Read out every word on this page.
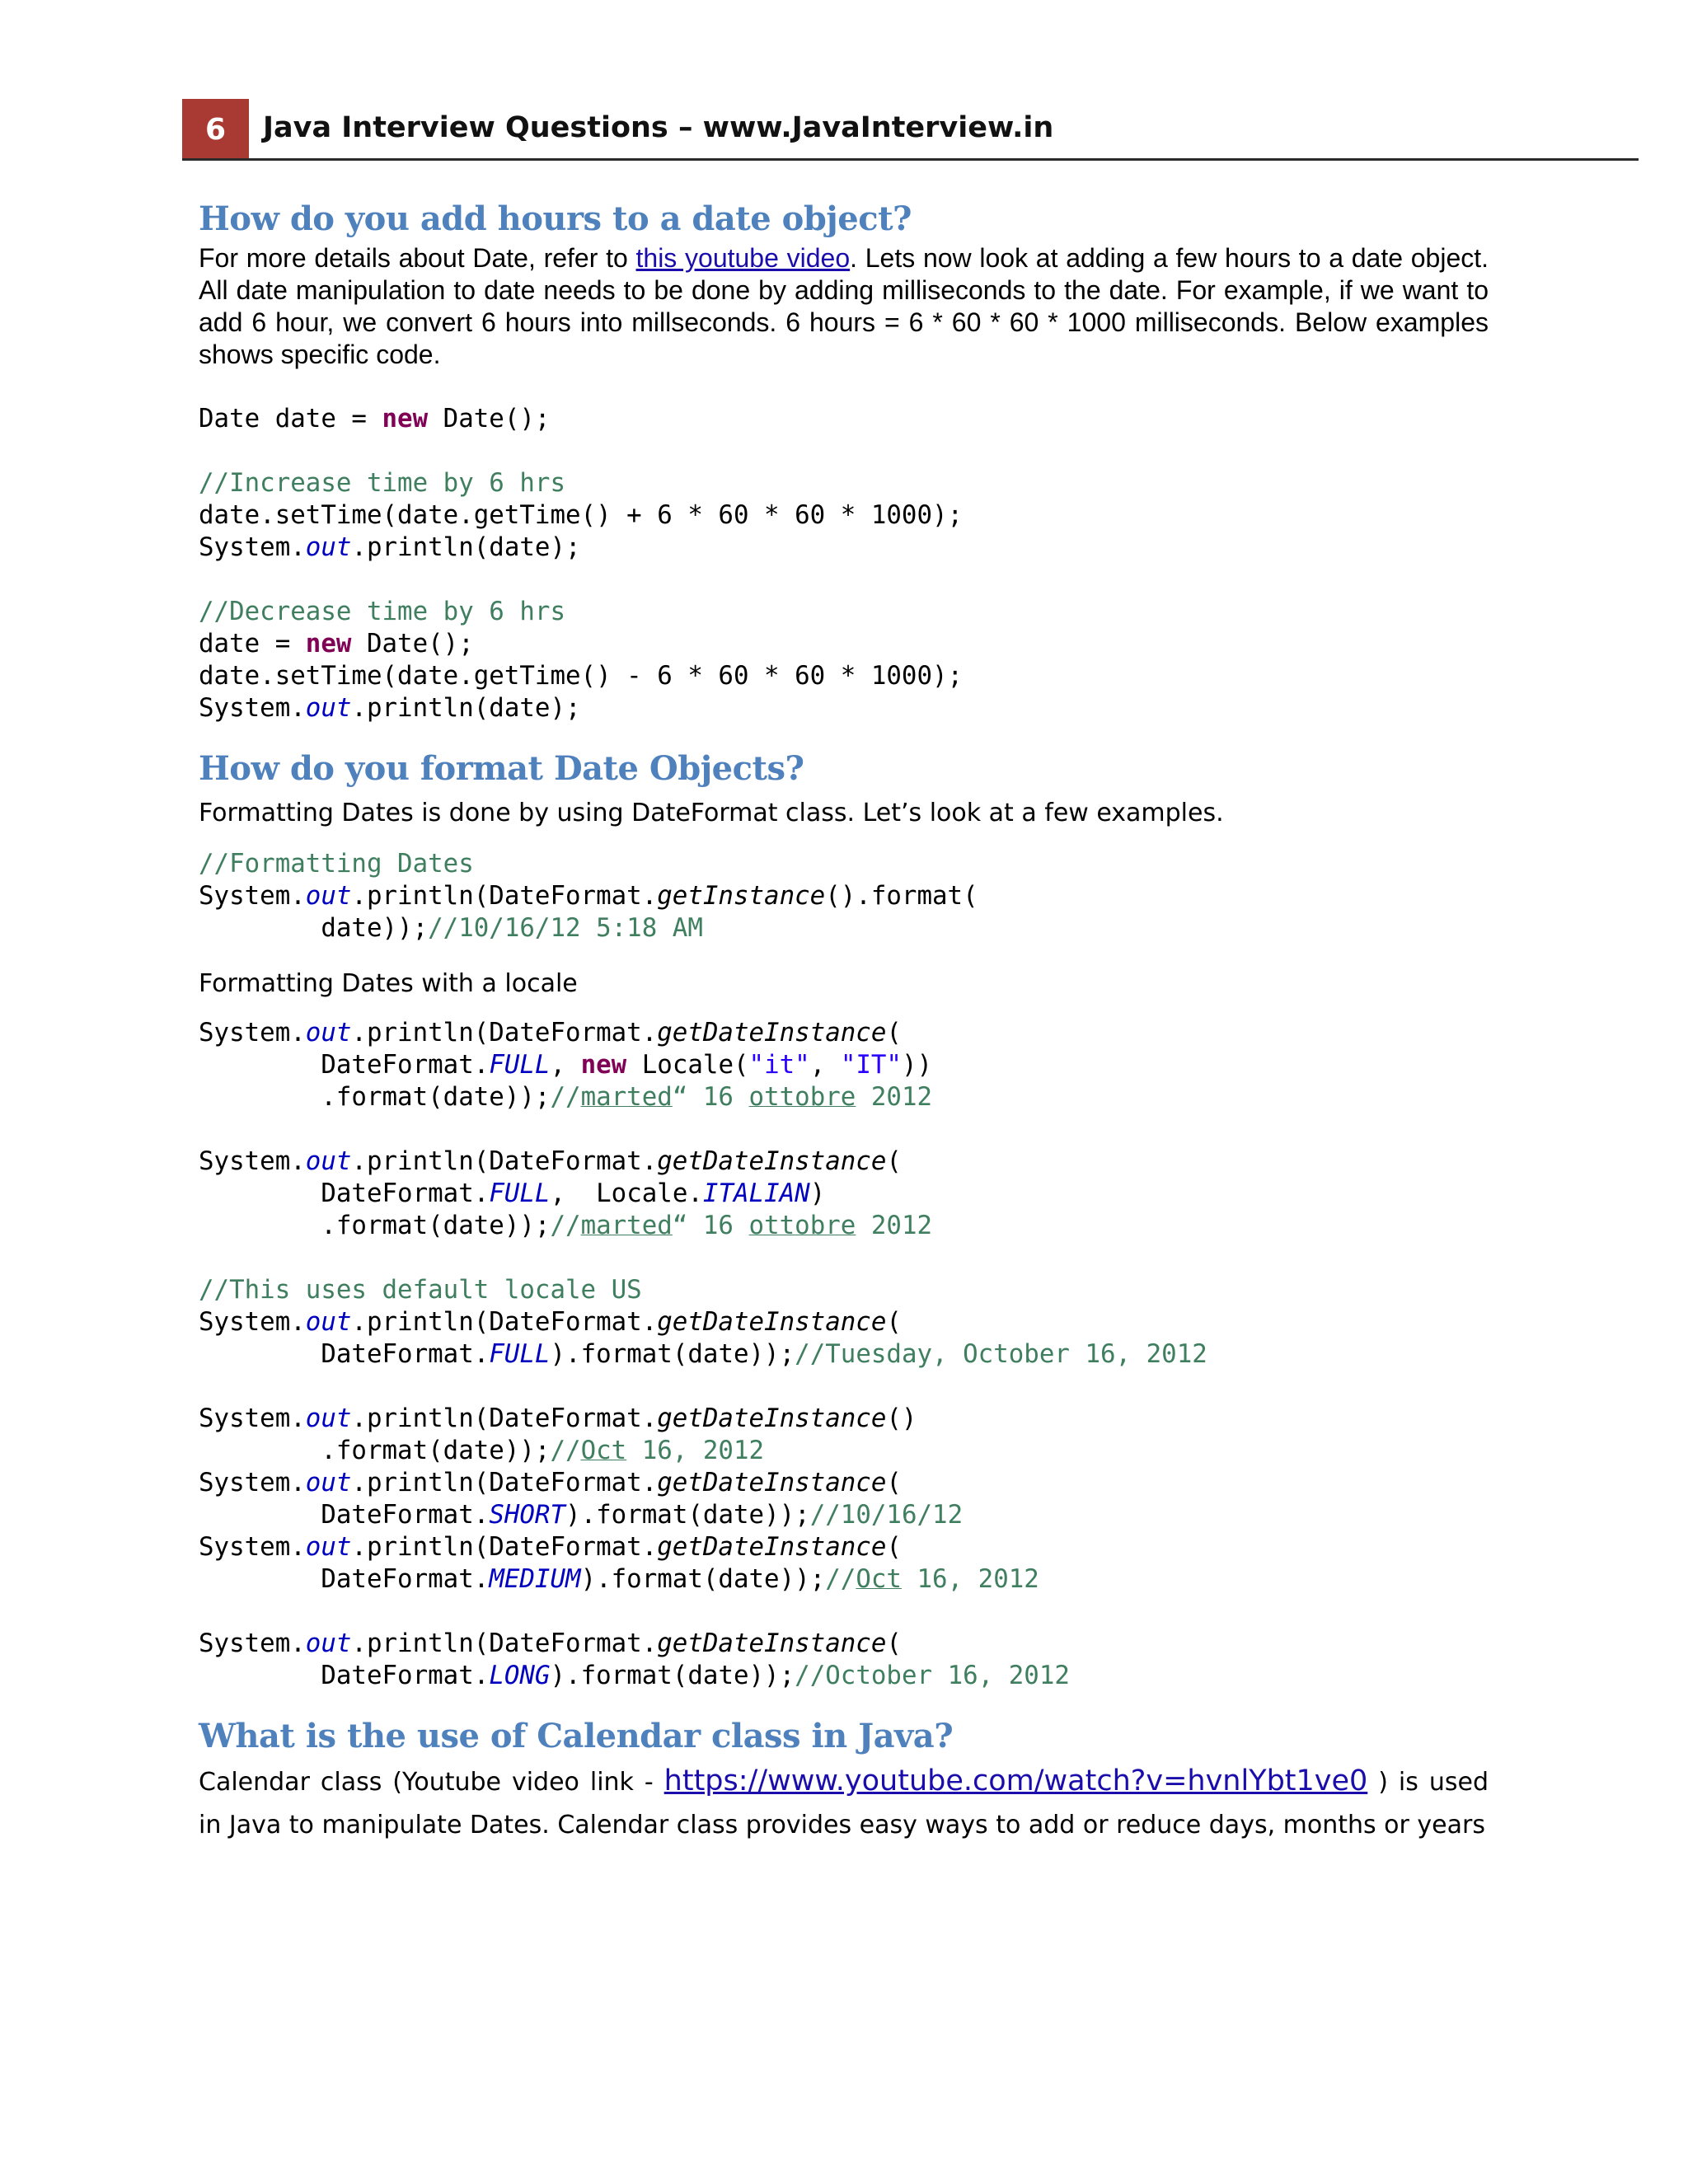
6	Java Interview Questions – www.JavaInterview.in
How do you add hours to a date object?

For more details about Date, refer to this youtube video. Lets now look at adding a few hours to a date object. All date manipulation to date needs to be done by adding milliseconds to the date. For example, if we want to add 6 hour, we convert 6 hours into millseconds. 6 hours = 6 * 60 * 60 * 1000 milliseconds. Below examples shows specific code.

Date date = new Date();

//Increase time by 6 hrs
date.setTime(date.getTime() + 6 * 60 * 60 * 1000);
System.out.println(date);

//Decrease time by 6 hrs
date = new Date();
date.setTime(date.getTime() - 6 * 60 * 60 * 1000);
System.out.println(date);
How do you format Date Objects?

Formatting Dates is done by using DateFormat class. Let’s look at a few examples.

//Formatting Dates
System.out.println(DateFormat.getInstance().format(
date));//10/16/12 5:18 AM

Formatting Dates with a locale

System.out.println(DateFormat.getDateInstance(
DateFormat.FULL, new Locale("it", "IT"))
.format(date));//marted“ 16 ottobre 2012

System.out.println(DateFormat.getDateInstance(
DateFormat.FULL,  Locale.ITALIAN)
.format(date));//marted“ 16 ottobre 2012

//This uses default locale US
System.out.println(DateFormat.getDateInstance(
DateFormat.FULL).format(date));//Tuesday, October 16, 2012

System.out.println(DateFormat.getDateInstance()
.format(date));//Oct 16, 2012
System.out.println(DateFormat.getDateInstance(
DateFormat.SHORT).format(date));//10/16/12
System.out.println(DateFormat.getDateInstance(
DateFormat.MEDIUM).format(date));//Oct 16, 2012

System.out.println(DateFormat.getDateInstance(
DateFormat.LONG).format(date));//October 16, 2012
What is the use of Calendar class in Java?

Calendar class (Youtube video link - https://www.youtube.com/watch?v=hvnlYbt1ve0 ) is used in Java to manipulate Dates. Calendar class provides easy ways to add or reduce days, months or years
